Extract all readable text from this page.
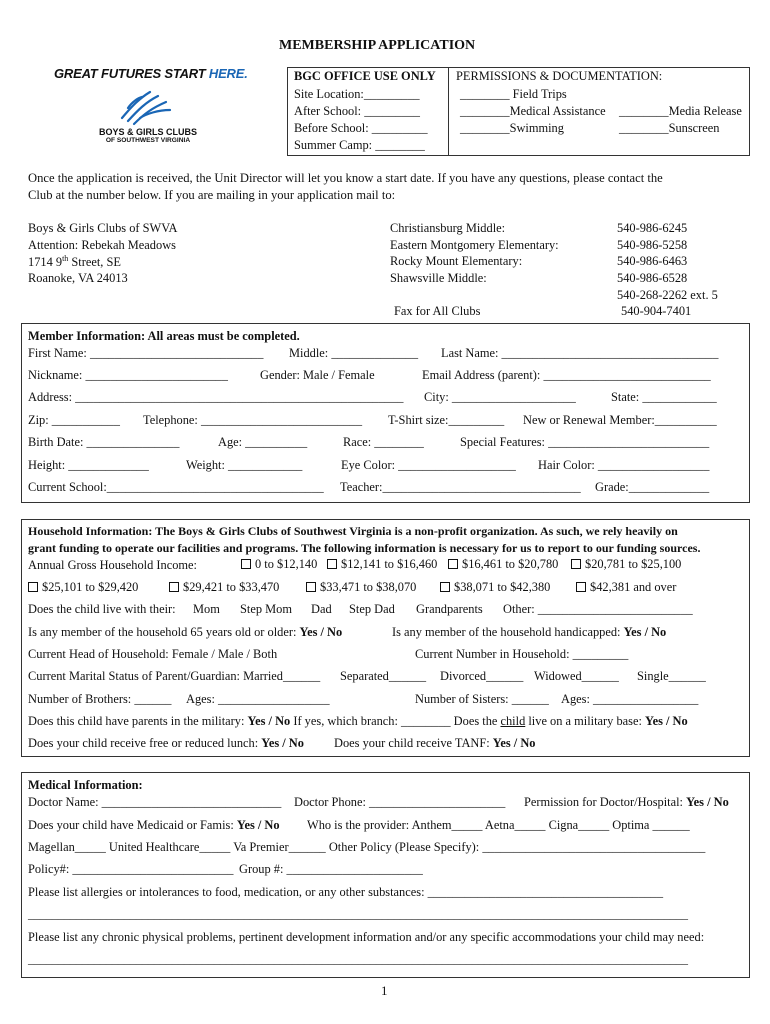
MEMBERSHIP APPLICATION
GREAT FUTURES START HERE.
BOYS & GIRLS CLUBS
OF SOUTHWEST VIRGINIA
BGC OFFICE USE ONLY
Site Location:_________
After School: _________
Before School: _________
Summer Camp: ________
PERMISSIONS & DOCUMENTATION:
________ Field Trips
________Medical Assistance ________Media Release
________Swimming	________Sunscreen
Once the application is received, the Unit Director will let you know a start date. If you have any questions, please contact the
Club at the number below. If you are mailing in your application mail to:
Boys & Girls Clubs of SWVA
Attention: Rebekah Meadows
1714 9th Street, SE
Roanoke, VA 24013
Christiansburg Middle:	540-986-6245
Eastern Montgomery Elementary:	540-986-5258
Rocky Mount Elementary:	540-986-6463
Shawsville Middle:	540-986-6528
540-268-2262 ext. 5
Fax for All Clubs	540-904-7401
Member Information: All areas must be completed.
First Name: ____________________________ Middle: ______________ Last Name: ___________________________________
Nickname: _______________________	Gender: Male / Female	Email Address (parent): ___________________________
Address: _____________________________________________________ City: ____________________	State: ____________
Zip: ___________ Telephone: __________________________ T-Shirt size:_________ New or Renewal Member:__________
Birth Date: _______________	Age: __________	Race: ________	Special Features: __________________________
Height: _____________	Weight: ____________	Eye Color: ___________________ Hair Color: __________________
Current School:___________________________________ Teacher:________________________________ Grade:_____________
Household Information: The Boys & Girls Clubs of Southwest Virginia is a non-profit organization. As such, we rely heavily on
grant funding to operate our facilities and programs. The following information is necessary for us to report to our funding sources.
Annual Gross Household Income:	0 to $12,140	$12,141 to $16,460	$16,461 to $20,780	$20,781 to $25,100
$25,101 to $29,420	$29,421 to $33,470	$33,471 to $38,070	$38,071 to $42,380	$42,381 and over
Does the child live with their: Mom Step Mom Dad Step Dad Grandparents Other: _________________________
Is any member of the household 65 years old or older: Yes / No	Is any member of the household handicapped: Yes / No
Current Head of Household: Female / Male / Both	Current Number in Household: _________
Current Marital Status of Parent/Guardian: Married______ Separated______ Divorced______ Widowed______ Single______
Number of Brothers: ______ Ages: __________________	Number of Sisters: ______ Ages: _________________
Does this child have parents in the military: Yes / No If yes, which branch: ________ Does the child live on a military base: Yes / No
Does your child receive free or reduced lunch: Yes / No Does your child receive TANF: Yes / No
Medical Information:
Doctor Name: _____________________________ Doctor Phone: ______________________ Permission for Doctor/Hospital: Yes / No
Does your child have Medicaid or Famis: Yes / No Who is the provider: Anthem_____ Aetna_____ Cigna_____ Optima ______
Magellan_____ United Healthcare_____ Va Premier______ Other Policy (Please Specify): ____________________________________
Policy#: __________________________ Group #: ______________________
Please list allergies or intolerances to food, medication, or any other substances: ______________________________________
______________________________________________________________________________________________________________
Please list any chronic physical problems, pertinent development information and/or any specific accommodations your child may need:
______________________________________________________________________________________________________________
1
